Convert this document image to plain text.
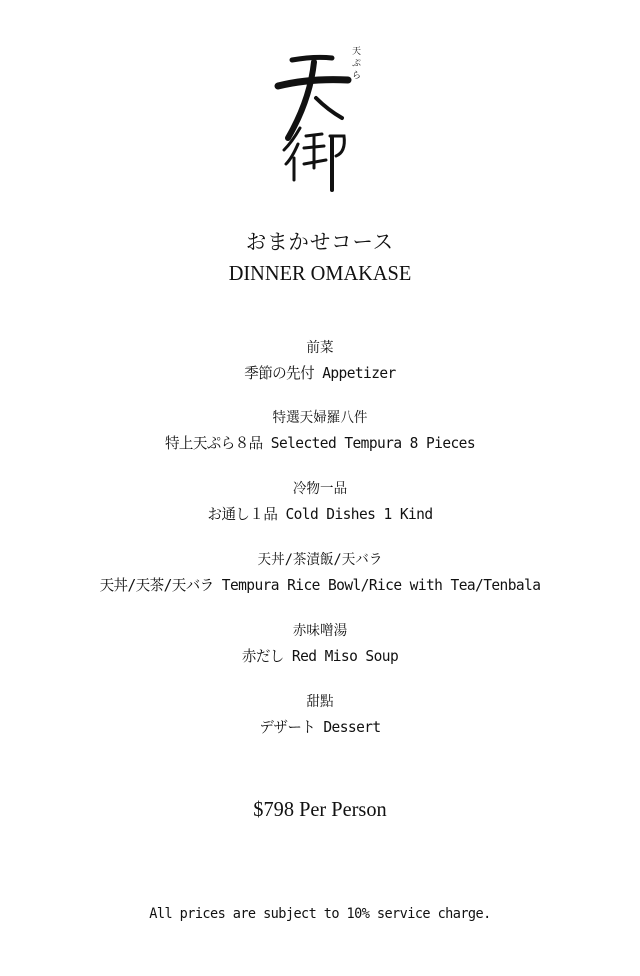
天
ぷ
ら
おまかせコース
DINNER OMAKASE
前菜
季節の先付 Appetizer
特選天婦羅八件
特上天ぷら８品 Selected Tempura 8 Pieces
冷物一品
お通し１品 Cold Dishes 1 Kind
天丼/茶漬飯/天バラ
天丼/天茶/天バラ Tempura Rice Bowl/Rice with Tea/Tenbala
赤味噌湯
赤だし Red Miso Soup
甜點
デザート Dessert
$798 Per Person
All prices are subject to 10% service charge.
